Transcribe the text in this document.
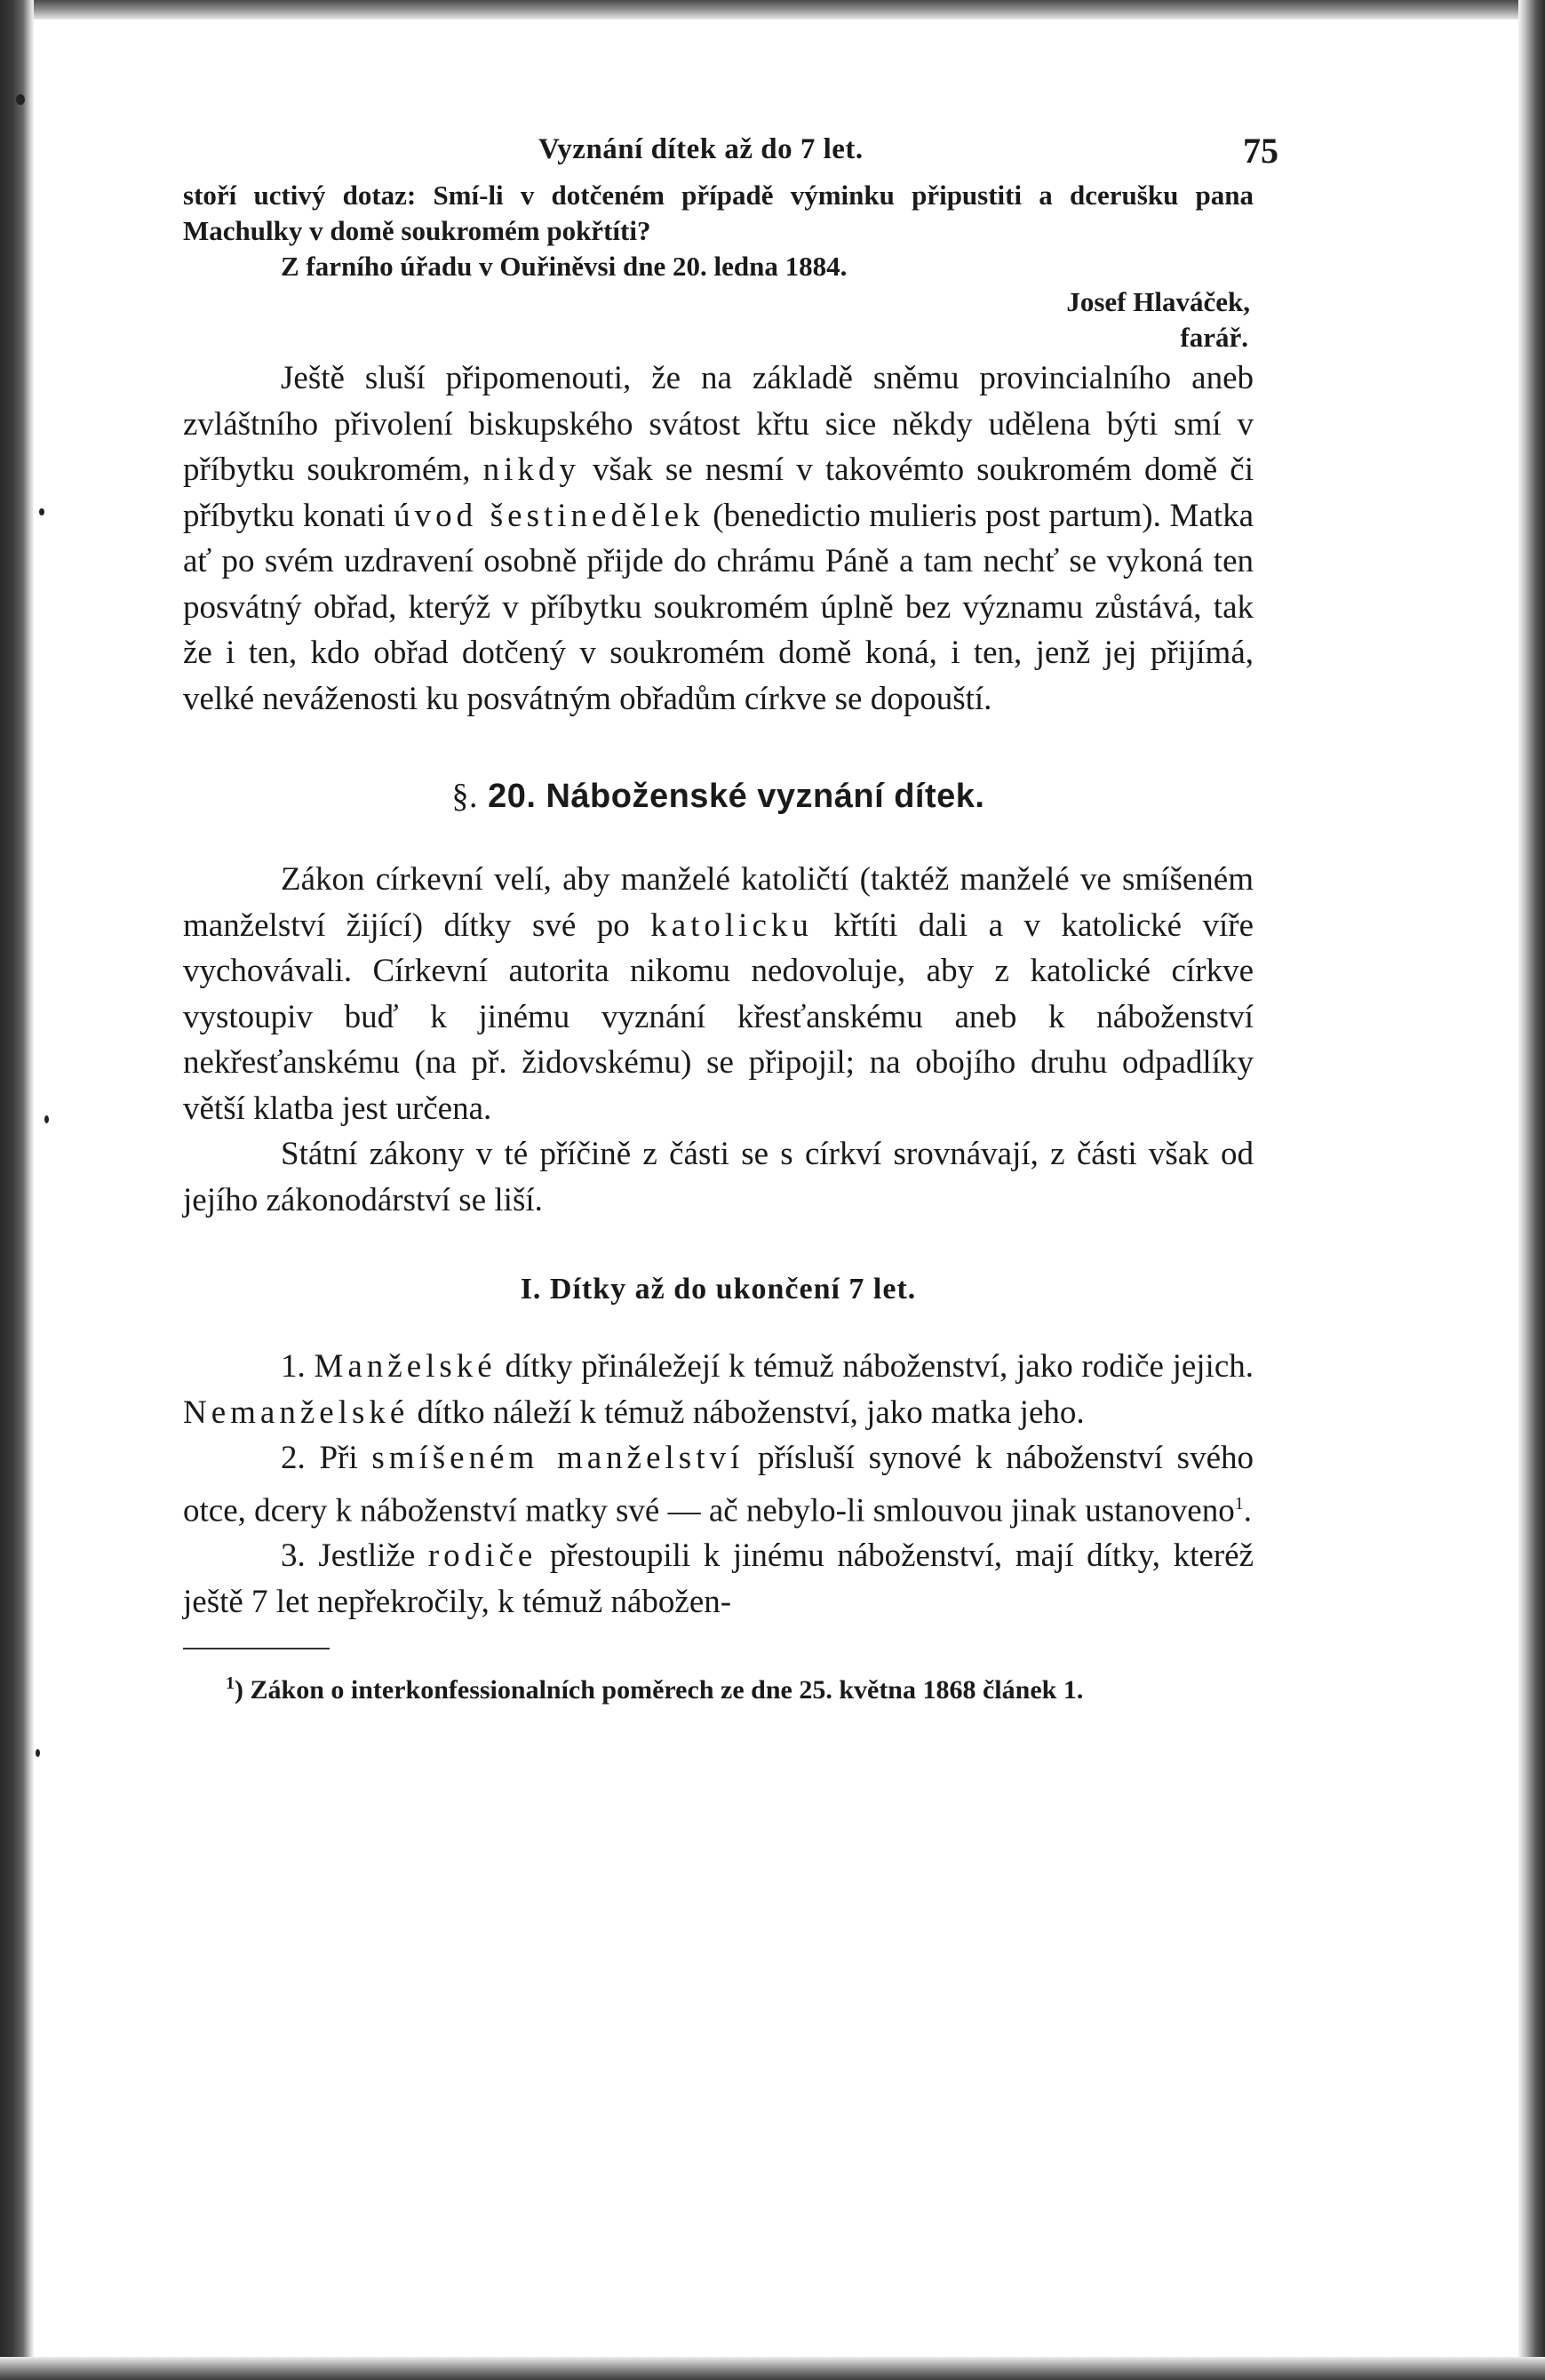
Vyznání dítek až do 7 let.	75

stoří uctivý dotaz: Smí-li v dotčeném případě výminku připustiti a dcerušku pana Machulky v domě soukromém pokřtíti?

Z farního úřadu v Ouřiněvsi dne 20. ledna 1884.

Josef Hlaváček,

farář.

Ještě sluší připomenouti, že na základě sněmu provincialního aneb zvláštního přivolení biskupského svátost křtu sice někdy udělena býti smí v příbytku soukromém, nikdy však se nesmí v takovémto soukromém domě či příbytku konati úvod šestinedělek (benedictio mulieris post partum). Matka ať po svém uzdravení osobně přijde do chrámu Páně a tam nechť se vykoná ten posvátný obřad, kterýž v příbytku soukromém úplně bez významu zůstává, tak že i ten, kdo obřad dotčený v soukromém domě koná, i ten, jenž jej přijímá, velké neváženosti ku posvátným obřadům církve se dopouští.

§. 20. Náboženské vyznání dítek.

Zákon církevní velí, aby manželé katoličtí (taktéž manželé ve smíšeném manželství žijící) dítky své po katolicku křtíti dali a v katolické víře vychovávali. Církevní autorita nikomu nedovoluje, aby z katolické církve vystoupiv buď k jinému vyznání křesťanskému aneb k náboženství nekřesťanskému (na př. židovskému) se připojil; na obojího druhu odpadlíky větší klatba jest určena.

Státní zákony v té příčině z části se s církví srovnávají, z části však od jejího zákonodárství se liší.

I. Dítky až do ukončení 7 let.

1. Manželské dítky přináležejí k témuž náboženství, jako rodiče jejich. Nemanželské dítko náleží k témuž náboženství, jako matka jeho.

2. Při smíšeném manželství přísluší synové k náboženství svého otce, dcery k náboženství matky své — ač nebylo-li smlouvou jinak ustanoveno$^1$.

3. Jestliže rodiče přestoupili k jinému náboženství, mají dítky, kteréž ještě 7 let nepřekročily, k témuž nábožen-

$^1$) Zákon o interkonfessionalních poměrech ze dne 25. května 1868 článek 1.
